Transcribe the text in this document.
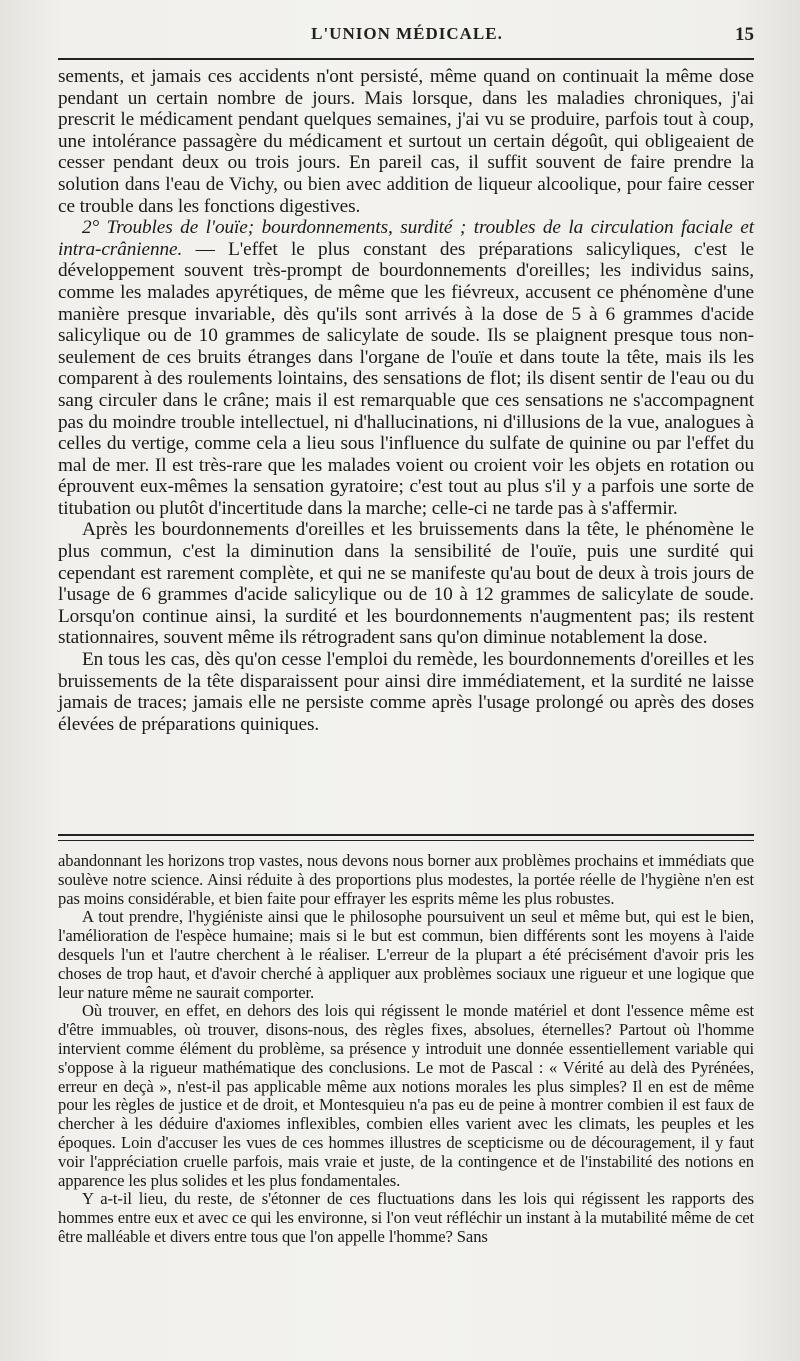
L'UNION MÉDICALE.	15

sements, et jamais ces accidents n'ont persisté, même quand on continuait la même dose pendant un certain nombre de jours. Mais lorsque, dans les maladies chroniques, j'ai prescrit le médicament pendant quelques semaines, j'ai vu se produire, parfois tout à coup, une intolérance passagère du médicament et surtout un certain dégoût, qui obligeaient de cesser pendant deux ou trois jours. En pareil cas, il suffit souvent de faire prendre la solution dans l'eau de Vichy, ou bien avec addition de liqueur alcoolique, pour faire cesser ce trouble dans les fonctions digestives.

2° Troubles de l'ouïe; bourdonnements, surdité ; troubles de la circulation faciale et intra-crânienne. — L'effet le plus constant des préparations salicyliques, c'est le développement souvent très-prompt de bourdonnements d'oreilles; les individus sains, comme les malades apyrétiques, de même que les fiévreux, accusent ce phénomène d'une manière presque invariable, dès qu'ils sont arrivés à la dose de 5 à 6 grammes d'acide salicylique ou de 10 grammes de salicylate de soude. Ils se plaignent presque tous non-seulement de ces bruits étranges dans l'organe de l'ouïe et dans toute la tête, mais ils les comparent à des roulements lointains, des sensations de flot; ils disent sentir de l'eau ou du sang circuler dans le crâne; mais il est remarquable que ces sensations ne s'accompagnent pas du moindre trouble intellectuel, ni d'hallucinations, ni d'illusions de la vue, analogues à celles du vertige, comme cela a lieu sous l'influence du sulfate de quinine ou par l'effet du mal de mer. Il est très-rare que les malades voient ou croient voir les objets en rotation ou éprouvent eux-mêmes la sensation gyratoire; c'est tout au plus s'il y a parfois une sorte de titubation ou plutôt d'incertitude dans la marche; celle-ci ne tarde pas à s'affermir.

Après les bourdonnements d'oreilles et les bruissements dans la tête, le phénomène le plus commun, c'est la diminution dans la sensibilité de l'ouïe, puis une surdité qui cependant est rarement complète, et qui ne se manifeste qu'au bout de deux à trois jours de l'usage de 6 grammes d'acide salicylique ou de 10 à 12 grammes de salicylate de soude. Lorsqu'on continue ainsi, la surdité et les bourdonnements n'augmentent pas; ils restent stationnaires, souvent même ils rétrogradent sans qu'on diminue notablement la dose.

En tous les cas, dès qu'on cesse l'emploi du remède, les bourdonnements d'oreilles et les bruissements de la tête disparaissent pour ainsi dire immédiatement, et la surdité ne laisse jamais de traces; jamais elle ne persiste comme après l'usage prolongé ou après des doses élevées de préparations quiniques.

abandonnant les horizons trop vastes, nous devons nous borner aux problèmes prochains et immédiats que soulève notre science. Ainsi réduite à des proportions plus modestes, la portée réelle de l'hygiène n'en est pas moins considérable, et bien faite pour effrayer les esprits même les plus robustes.

A tout prendre, l'hygiéniste ainsi que le philosophe poursuivent un seul et même but, qui est le bien, l'amélioration de l'espèce humaine; mais si le but est commun, bien différents sont les moyens à l'aide desquels l'un et l'autre cherchent à le réaliser. L'erreur de la plupart a été précisément d'avoir pris les choses de trop haut, et d'avoir cherché à appliquer aux problèmes sociaux une rigueur et une logique que leur nature même ne saurait comporter.

Où trouver, en effet, en dehors des lois qui régissent le monde matériel et dont l'essence même est d'être immuables, où trouver, disons-nous, des règles fixes, absolues, éternelles? Partout où l'homme intervient comme élément du problème, sa présence y introduit une donnée essentiellement variable qui s'oppose à la rigueur mathématique des conclusions. Le mot de Pascal : « Vérité au delà des Pyrénées, erreur en deçà », n'est-il pas applicable même aux notions morales les plus simples? Il en est de même pour les règles de justice et de droit, et Montesquieu n'a pas eu de peine à montrer combien il est faux de chercher à les déduire d'axiomes inflexibles, combien elles varient avec les climats, les peuples et les époques. Loin d'accuser les vues de ces hommes illustres de scepticisme ou de découragement, il y faut voir l'appréciation cruelle parfois, mais vraie et juste, de la contingence et de l'instabilité des notions en apparence les plus solides et les plus fondamentales.

Y a-t-il lieu, du reste, de s'étonner de ces fluctuations dans les lois qui régissent les rapports des hommes entre eux et avec ce qui les environne, si l'on veut réfléchir un instant à la mutabilité même de cet être malléable et divers entre tous que l'on appelle l'homme? Sans
